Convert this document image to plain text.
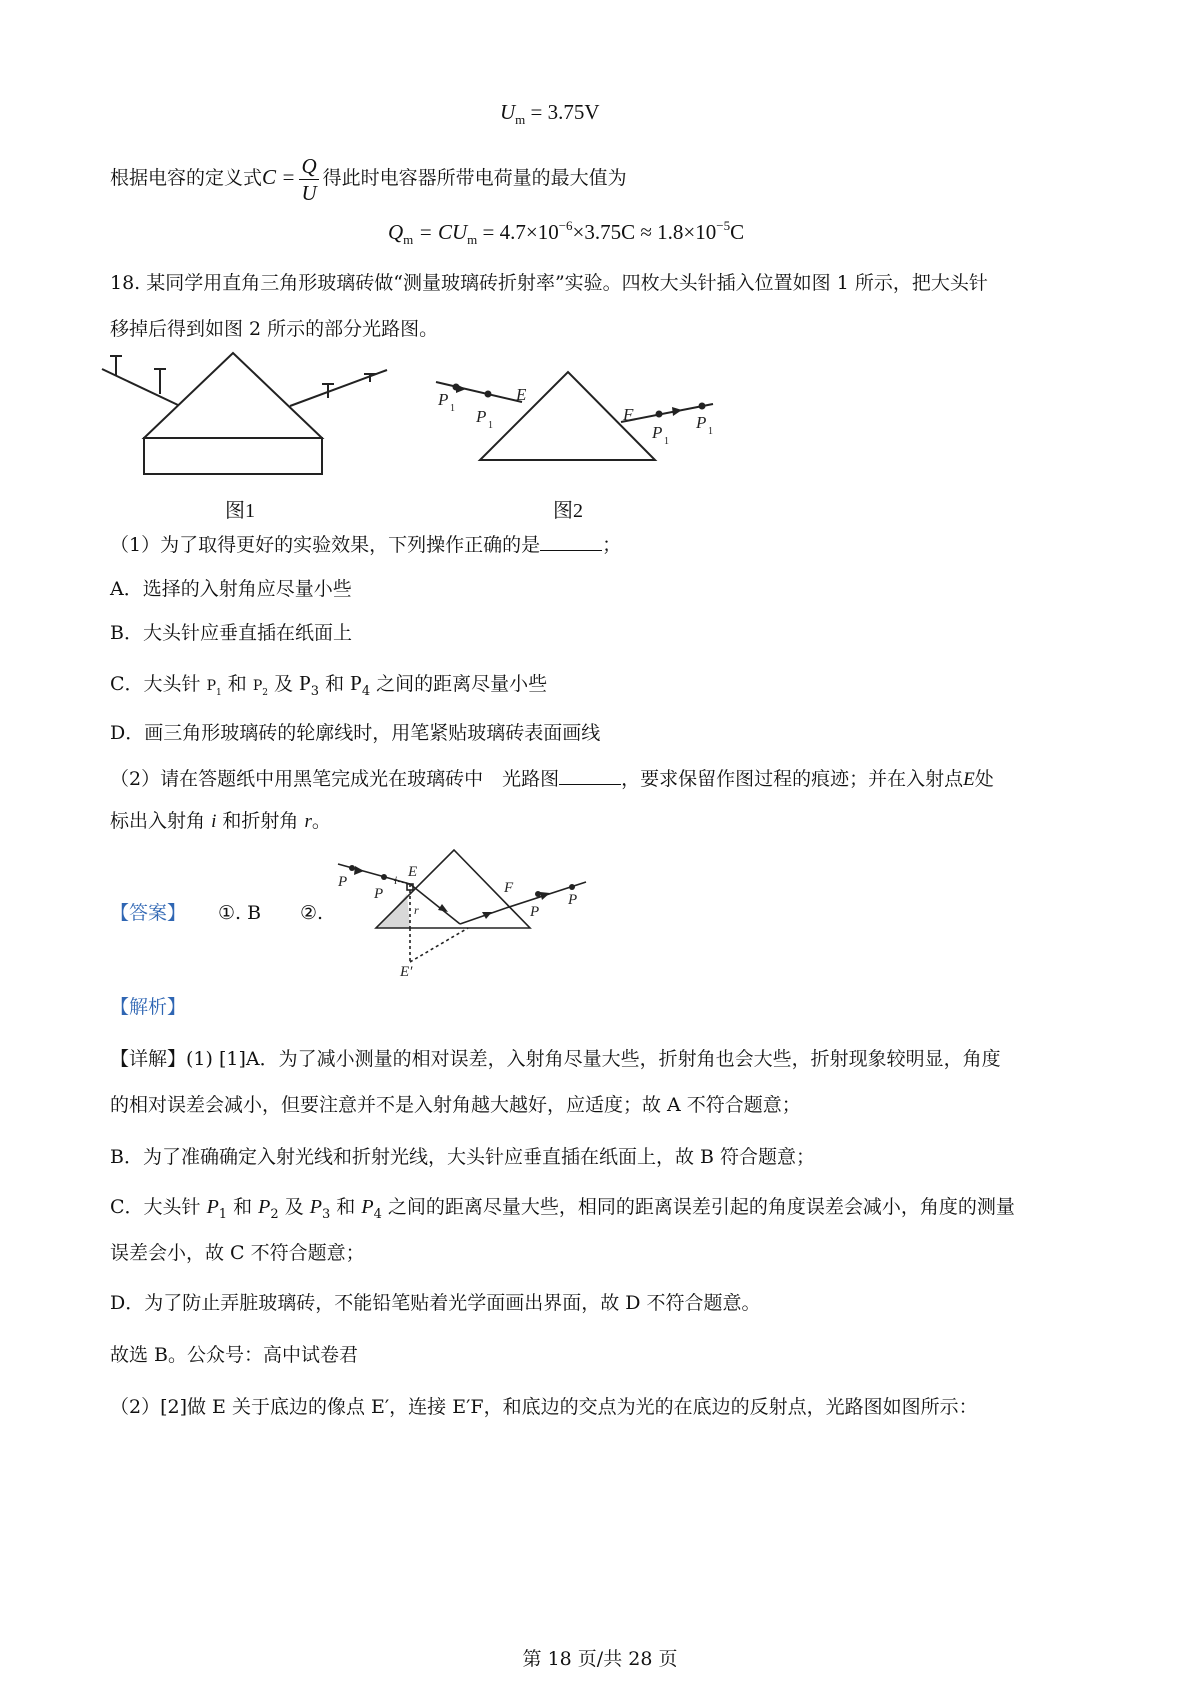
$U_m = 3.75V$
根据电容的定义式$C = \frac{Q}{U}$ 得此时电容器所带电荷量的最大值为
$Q_m = CU_m = 4.7\times 10^{-6}\times 3.75C \approx 1.8\times 10^{-5}C$
18. 某同学用直角三角形玻璃砖做“测量玻璃砖折射率”实验。四枚大头针插入位置如图 1 所示，把大头针
移掉后得到如图 2 所示的部分光路图。
图1
P 1 P 1
E
F
P 1
P 1
图2
（1）为了取得更好的实验效果，下列操作正确的是	；
A．选择的入射角应尽量小些
B．大头针应垂直插在纸面上
C．大头针 $P_1$ 和 $P_2$ 及 $P_3$ 和 $P_4$ 之间的距离尽量小些
D．画三角形玻璃砖的轮廓线时，用笔紧贴玻璃砖表面画线
（2）请在答题纸中用黑笔完成光在玻璃砖中　光路图	，要求保留作图过程的痕迹；并在入射点E处
标出入射角 i 和折射角 r。
【答案】 ①. B ②.
P
P
E
F
P
P
E′
i
r
【解析】
【详解】(1) [1]A．为了减小测量的相对误差，入射角尽量大些，折射角也会大些，折射现象较明显，角度
的相对误差会减小，但要注意并不是入射角越大越好，应适度；故 A 不符合题意；
B．为了准确确定入射光线和折射光线，大头针应垂直插在纸面上，故 B 符合题意；
C．大头针 $P_1$ 和 $P_2$ 及 $P_3$ 和 $P_4$ 之间的距离尽量大些，相同的距离误差引起的角度误差会减小，角度的测量
误差会小，故 C 不符合题意；
D．为了防止弄脏玻璃砖，不能铅笔贴着光学面画出界面，故 D 不符合题意。
故选 B。公众号：高中试卷君
（2）[2]做 E 关于底边的像点 E′，连接 E′F，和底边的交点为光的在底边的反射点，光路图如图所示：
第 18 页/共 28 页
